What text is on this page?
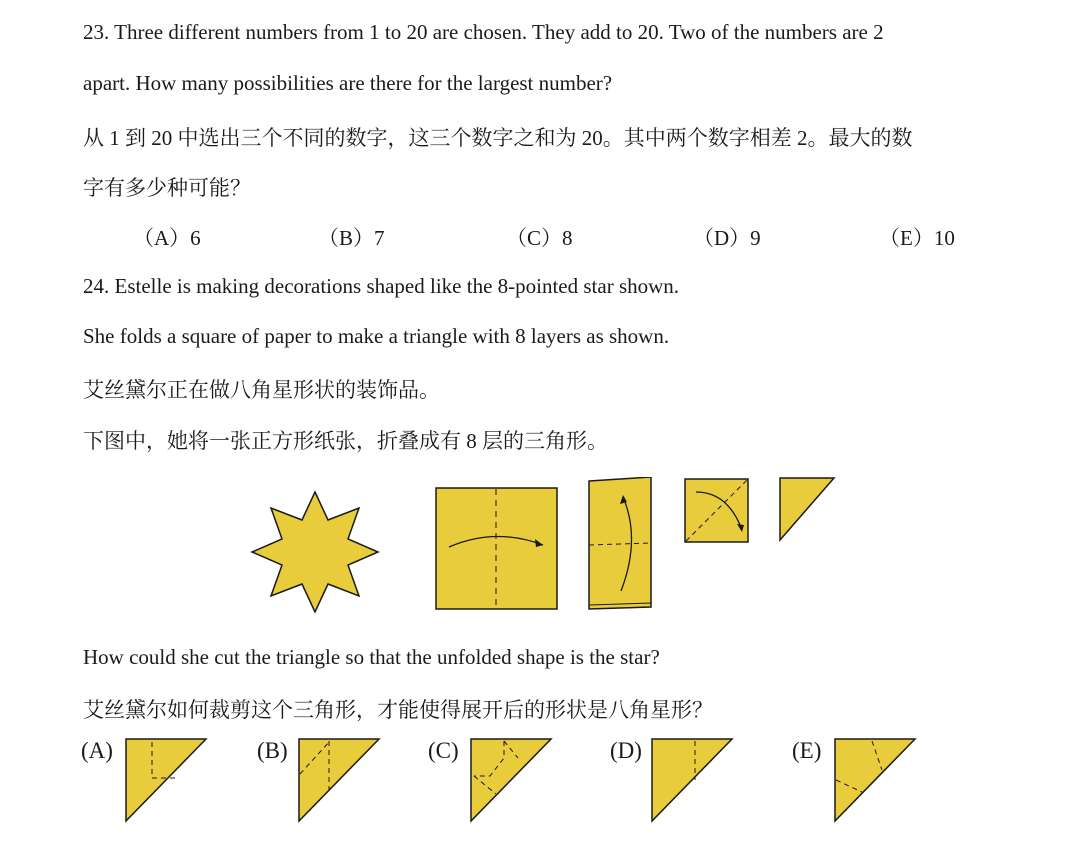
23. Three different numbers from 1 to 20 are chosen. They add to 20. Two of the numbers are 2
apart. How many possibilities are there for the largest number?
从 1 到 20 中选出三个不同的数字，这三个数字之和为 20。其中两个数字相差 2。最大的数
字有多少种可能？
（A）6	（B）7	（C）8	（D）9	（E）10
24. Estelle is making decorations shaped like the 8-pointed star shown.
She folds a square of paper to make a triangle with 8 layers as shown.
艾丝黛尔正在做八角星形状的装饰品。
下图中，她将一张正方形纸张，折叠成有 8 层的三角形。
How could she cut the triangle so that the unfolded shape is the star?
艾丝黛尔如何裁剪这个三角形，才能使得展开后的形状是八角星形？
(A)	(B)	(C)	(D)	(E)
